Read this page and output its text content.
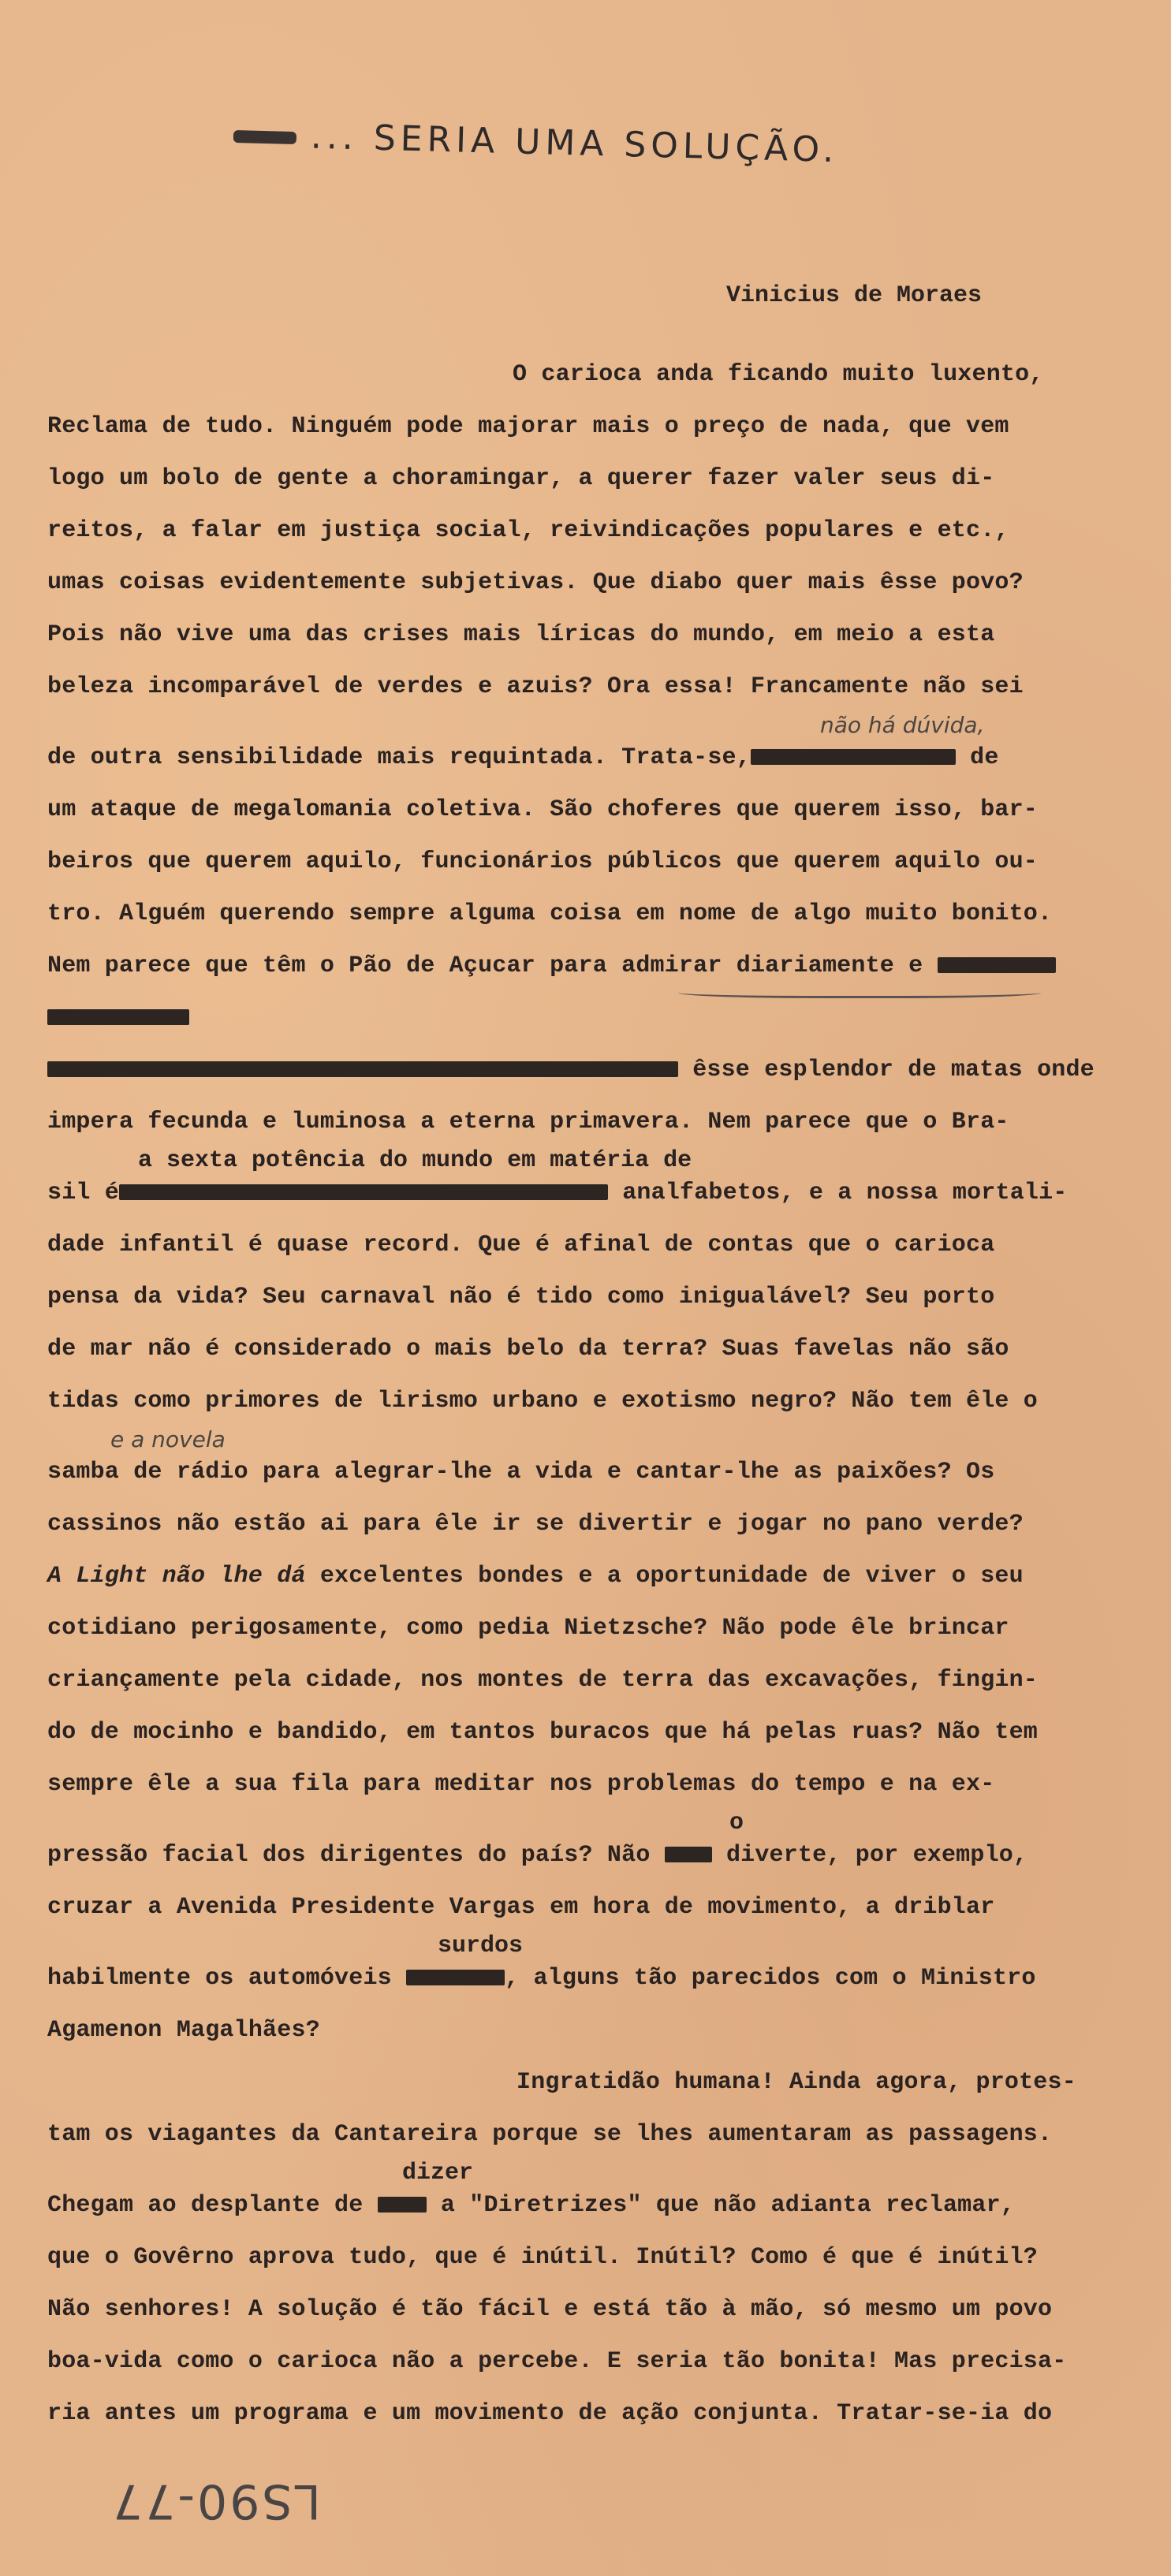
... SERIA UMA SOLUÇÃO.
Vinicius de Moraes
O carioca anda ficando muito luxento,
Reclama de tudo. Ninguém pode majorar mais o preço de nada, que vem
logo um bolo de gente a choramingar, a querer fazer valer seus di-
reitos, a falar em justiça social, reivindicações populares e etc.,
umas coisas evidentemente subjetivas. Que diabo quer mais êsse povo?
Pois não vive uma das crises mais líricas do mundo, em meio a esta
beleza incomparável de verdes e azuis? Ora essa! Francamente não sei

não há dúvida,

de outra sensibilidade mais requintada. Trata-se,	de
um ataque de megalomania coletiva. São choferes que querem isso, bar-
beiros que querem aquilo, funcionários públicos que querem aquilo ou-
tro. Alguém querendo sempre alguma coisa em nome de algo muito bonito.
Nem parece que têm o Pão de Açucar para admirar diariamente e
êsse esplendor de matas onde
impera fecunda e luminosa a eterna primavera. Nem parece que o Bra-

a sexta potência do mundo em matéria de

sil é	analfabetos, e a nossa mortali-
dade infantil é quase record. Que é afinal de contas que o carioca
pensa da vida? Seu carnaval não é tido como inigualável? Seu porto
de mar não é considerado o mais belo da terra? Suas favelas não são
tidas como primores de lirismo urbano e exotismo negro? Não tem êle o

e a novela

samba de rádio para alegrar-lhe a vida e cantar-lhe as paixões? Os
cassinos não estão ai para êle ir se divertir e jogar no pano verde?
A Light não lhe dá excelentes bondes e a oportunidade de viver o seu
cotidiano perigosamente, como pedia Nietzsche? Não pode êle brincar
criançamente pela cidade, nos montes de terra das excavações, fingin-
do de mocinho e bandido, em tantos buracos que há pelas ruas? Não tem
sempre êle a sua fila para meditar nos problemas do tempo e na ex-

o

pressão facial dos dirigentes do país? Não	diverte, por exemplo,
cruzar a Avenida Presidente Vargas em hora de movimento, a driblar

surdos

habilmente os automóveis	, alguns tão parecidos com o Ministro
Agamenon Magalhães?
Ingratidão humana! Ainda agora, protes-
tam os viagantes da Cantareira porque se lhes aumentaram as passagens.

dizer

Chegam ao desplante de	a "Diretrizes" que não adianta reclamar,
que o Govêrno aprova tudo, que é inútil. Inútil? Como é que é inútil?
Não senhores! A solução é tão fácil e está tão à mão, só mesmo um povo
boa-vida como o carioca não a percebe. E seria tão bonita! Mas precisa-
ria antes um programa e um movimento de ação conjunta. Tratar-se-ia do
LS90-77
